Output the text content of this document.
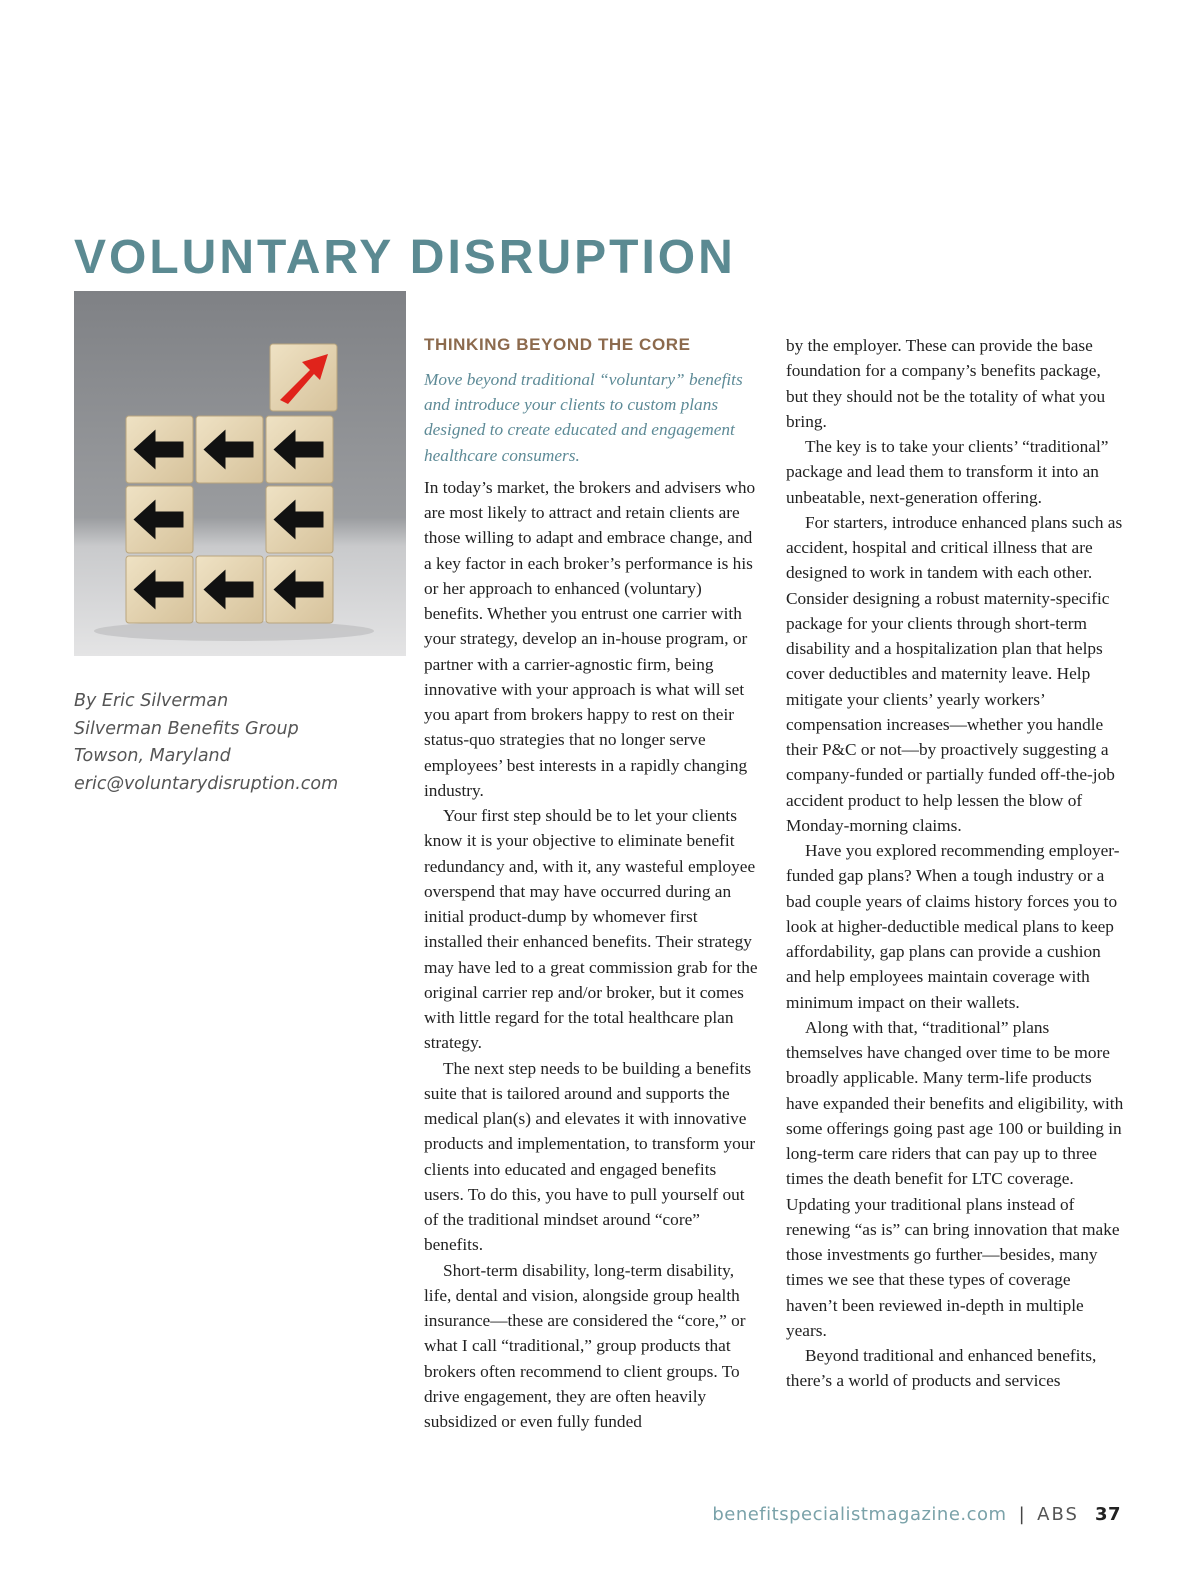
VOLUNTARY DISRUPTION
By Eric Silverman
Silverman Benefits Group
Towson, Maryland
eric@voluntarydisruption.com
THINKING BEYOND THE CORE
Move beyond traditional “voluntary” benefits and introduce your clients to custom plans designed to create educated and engagement healthcare consumers.

In today’s market, the brokers and advisers who are most likely to attract and retain clients are those willing to adapt and embrace change, and a key factor in each broker’s performance is his or her approach to enhanced (voluntary) benefits. Whether you entrust one carrier with your strategy, develop an in-house program, or partner with a carrier-agnostic firm, being innovative with your approach is what will set you apart from brokers happy to rest on their status-quo strategies that no longer serve employees’ best interests in a rapidly changing industry.

Your first step should be to let your clients know it is your objective to eliminate benefit redundancy and, with it, any wasteful employee overspend that may have occurred during an initial product-dump by whomever first installed their enhanced benefits. Their strategy may have led to a great commission grab for the original carrier rep and/or broker, but it comes with little regard for the total healthcare plan strategy.

The next step needs to be building a benefits suite that is tailored around and supports the medical plan(s) and elevates it with innovative products and implementation, to transform your clients into educated and engaged benefits users. To do this, you have to pull yourself out of the traditional mindset around “core” benefits.

Short-term disability, long-term disability, life, dental and vision, alongside group health insurance—these are considered the “core,” or what I call “traditional,” group products that brokers often recommend to client groups. To drive engagement, they are often heavily subsidized or even fully funded

by the employer. These can provide the base foundation for a company’s benefits package, but they should not be the totality of what you bring.

The key is to take your clients’ “traditional” package and lead them to transform it into an unbeatable, next-generation offering.

For starters, introduce enhanced plans such as accident, hospital and critical illness that are designed to work in tandem with each other. Consider designing a robust maternity-specific package for your clients through short-term disability and a hospitalization plan that helps cover deductibles and maternity leave. Help mitigate your clients’ yearly workers’ compensation increases—whether you handle their P&C or not—by proactively suggesting a company-funded or partially funded off-the-job accident product to help lessen the blow of Monday-morning claims.

Have you explored recommending employer-funded gap plans? When a tough industry or a bad couple years of claims history forces you to look at higher-deductible medical plans to keep affordability, gap plans can provide a cushion and help employees maintain coverage with minimum impact on their wallets.

Along with that, “traditional” plans themselves have changed over time to be more broadly applicable. Many term-life products have expanded their benefits and eligibility, with some offerings going past age 100 or building in long-term care riders that can pay up to three times the death benefit for LTC coverage. Updating your traditional plans instead of renewing “as is” can bring innovation that make those investments go further—besides, many times we see that these types of coverage haven’t been reviewed in-depth in multiple years.

Beyond traditional and enhanced benefits, there’s a world of products and services

benefitspecialistmagazine.com | ABS 37
